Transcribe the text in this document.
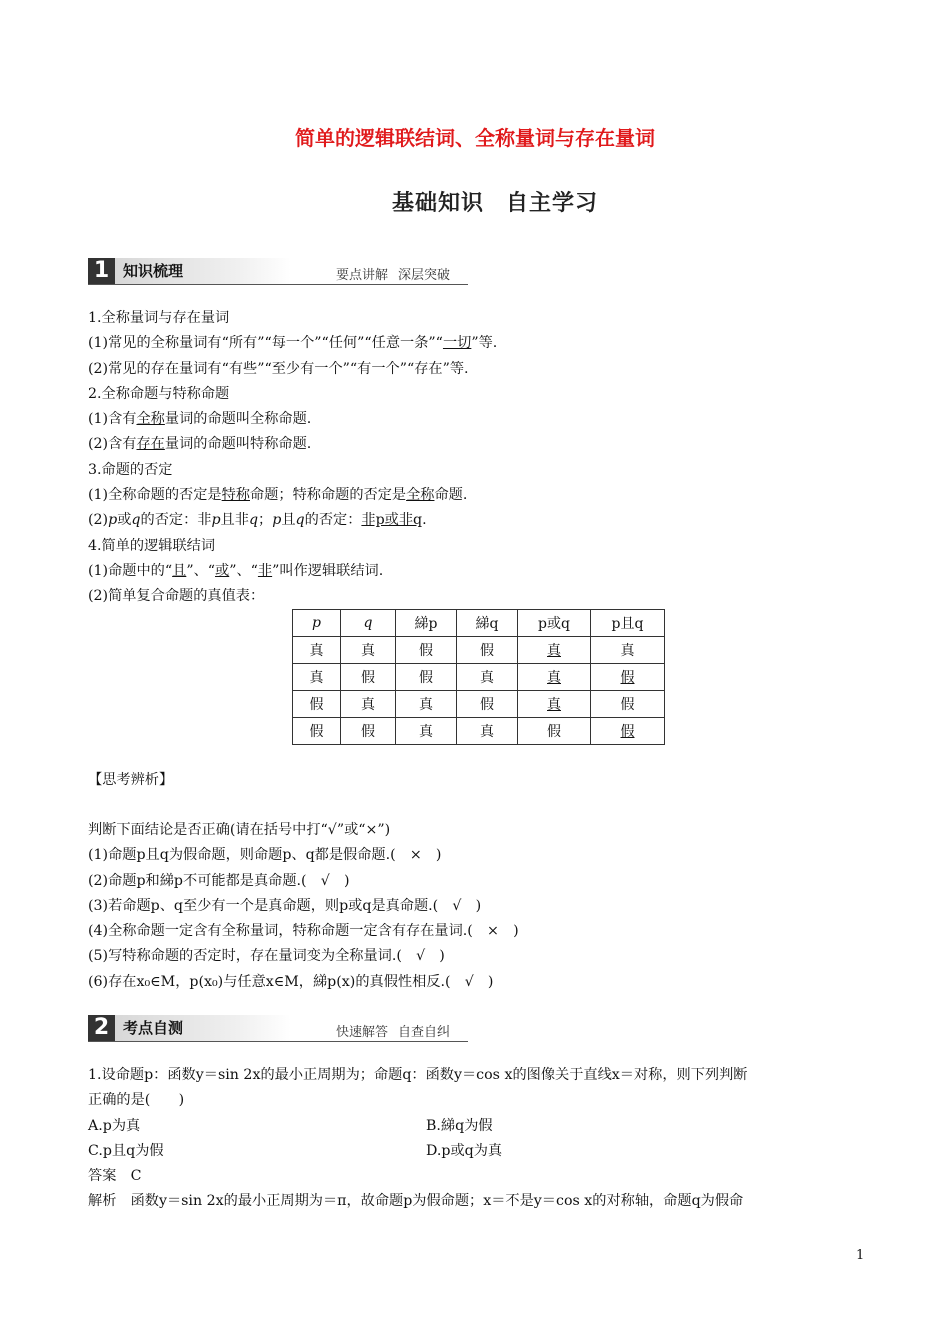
简单的逻辑联结词、全称量词与存在量词
基础知识 自主学习
1 知识梳理	要点讲解 深层突破
1.全称量词与存在量词
(1)常见的全称量词有“所有”“每一个”“任何”“任意一条”“一切”等.
(2)常见的存在量词有“有些”“至少有一个”“有一个”“存在”等.
2.全称命题与特称命题
(1)含有全称量词的命题叫全称命题.
(2)含有存在量词的命题叫特称命题.
3.命题的否定
(1)全称命题的否定是特称命题；特称命题的否定是全称命题.
(2)p或q的否定：非p且非q；p且q的否定：非p或非q.
4.简单的逻辑联结词
(1)命题中的“且”、“或”、“非”叫作逻辑联结词.
(2)简单复合命题的真值表：
p	q	綈p	綈q	p或q	p且q
真	真	假	假	真	真
真	假	假	真	真	假
假	真	真	假	真	假
假	假	真	真	假	假
【思考辨析】
判断下面结论是否正确(请在括号中打“√”或“×”)
(1)命题p且q为假命题，则命题p、q都是假命题.(　×　)
(2)命题p和綈p不可能都是真命题.(　√　)
(3)若命题p、q至少有一个是真命题，则p或q是真命题.(　√　)
(4)全称命题一定含有全称量词，特称命题一定含有存在量词.(　×　)
(5)写特称命题的否定时，存在量词变为全称量词.(　√　)
(6)存在x₀∈M，p(x₀)与任意x∈M，綈p(x)的真假性相反.(　√　)
2 考点自测	快速解答 自查自纠
1.设命题p：函数y＝sin 2x的最小正周期为；命题q：函数y＝cos x的图像关于直线x＝对称，则下列判断
正确的是(　　)
A.p为真	B.綈q为假
C.p且q为假	D.p或q为真
答案　C
解析　函数y＝sin 2x的最小正周期为＝π，故命题p为假命题；x＝不是y＝cos x的对称轴，命题q为假命
1
